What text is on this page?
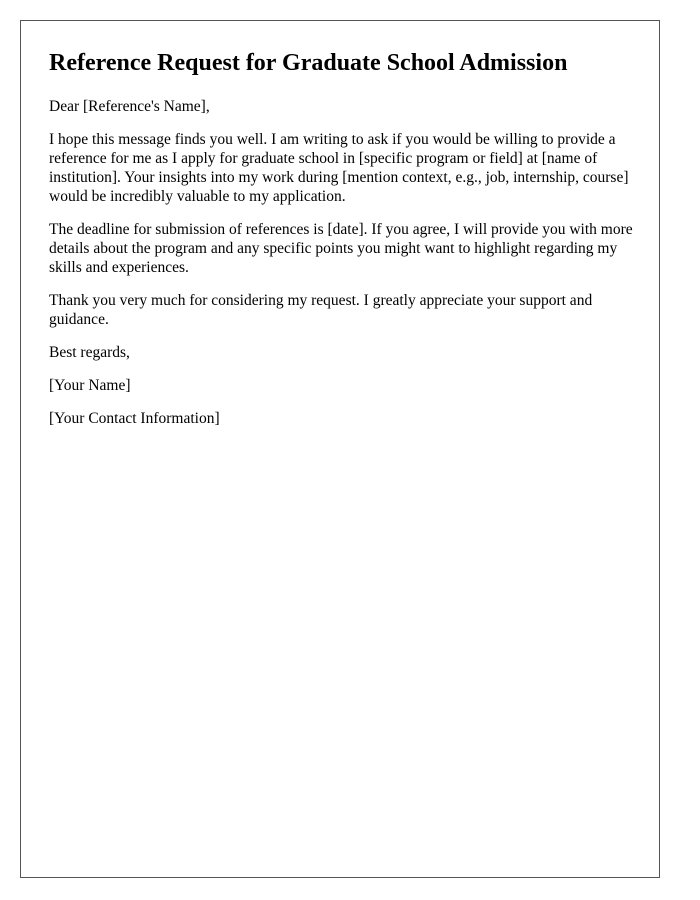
Reference Request for Graduate School Admission

Dear [Reference's Name],

I hope this message finds you well. I am writing to ask if you would be willing to provide a reference for me as I apply for graduate school in [specific program or field] at [name of institution]. Your insights into my work during [mention context, e.g., job, internship, course] would be incredibly valuable to my application.

The deadline for submission of references is [date]. If you agree, I will provide you with more details about the program and any specific points you might want to highlight regarding my skills and experiences.

Thank you very much for considering my request. I greatly appreciate your support and guidance.

Best regards,

[Your Name]

[Your Contact Information]
